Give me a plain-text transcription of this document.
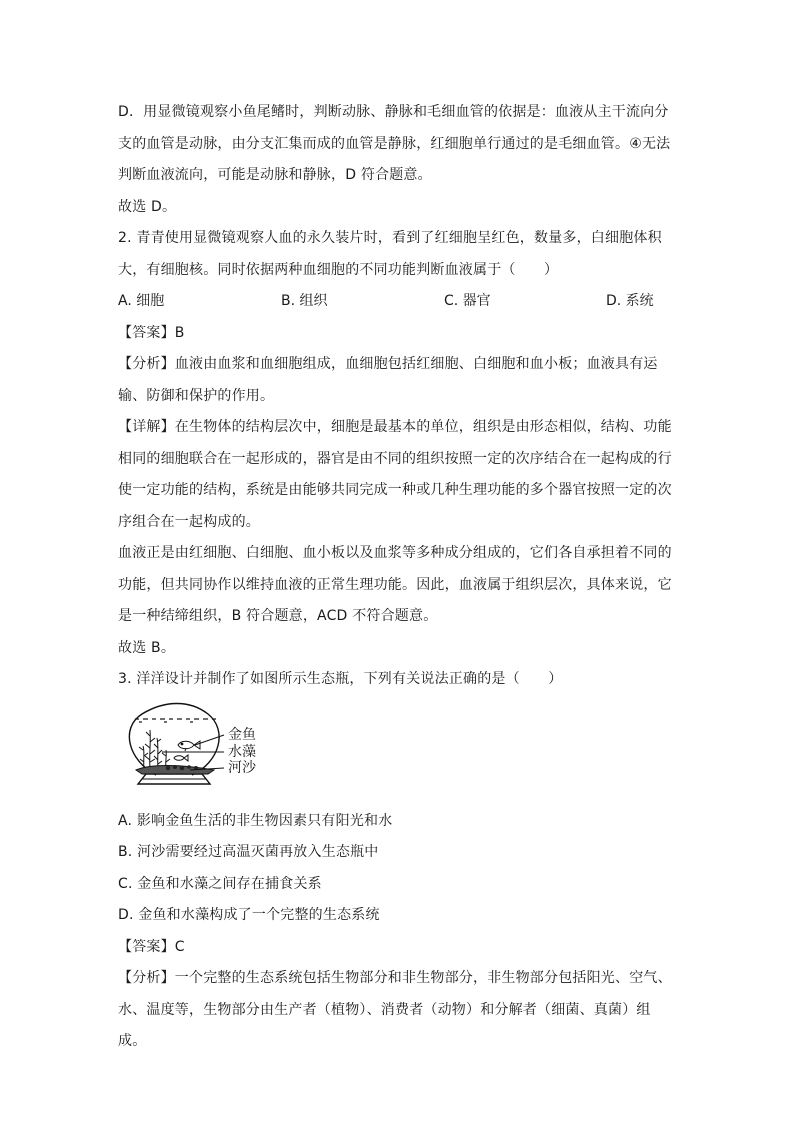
D．用显微镜观察小鱼尾鳍时，判断动脉、静脉和毛细血管的依据是：血液从主干流向分支的血管是动脉，由分支汇集而成的血管是静脉，红细胞单行通过的是毛细血管。④无法判断血液流向，可能是动脉和静脉，D 符合题意。

故选 D。

2. 青青使用显微镜观察人血的永久装片时，看到了红细胞呈红色，数量多，白细胞体积大，有细胞核。同时依据两种血细胞的不同功能判断血液属于（　　）

A. 细胞	B. 组织	C. 器官	D. 系统

【答案】B

【分析】血液由血浆和血细胞组成，血细胞包括红细胞、白细胞和血小板；血液具有运输、防御和保护的作用。

【详解】在生物体的结构层次中，细胞是最基本的单位，组织是由形态相似，结构、功能相同的细胞联合在一起形成的，器官是由不同的组织按照一定的次序结合在一起构成的行使一定功能的结构，系统是由能够共同完成一种或几种生理功能的多个器官按照一定的次序组合在一起构成的。

血液正是由红细胞、白细胞、血小板以及血浆等多种成分组成的，它们各自承担着不同的功能，但共同协作以维持血液的正常生理功能。因此，血液属于组织层次，具体来说，它是一种结缔组织，B 符合题意，ACD 不符合题意。

故选 B。

3. 洋洋设计并制作了如图所示生态瓶，下列有关说法正确的是（　　）

金鱼
水藻
河沙

A. 影响金鱼生活的非生物因素只有阳光和水

B. 河沙需要经过高温灭菌再放入生态瓶中

C. 金鱼和水藻之间存在捕食关系

D. 金鱼和水藻构成了一个完整的生态系统

【答案】C

【分析】一个完整的生态系统包括生物部分和非生物部分，非生物部分包括阳光、空气、水、温度等，生物部分由生产者（植物）、消费者（动物）和分解者（细菌、真菌）组成。
